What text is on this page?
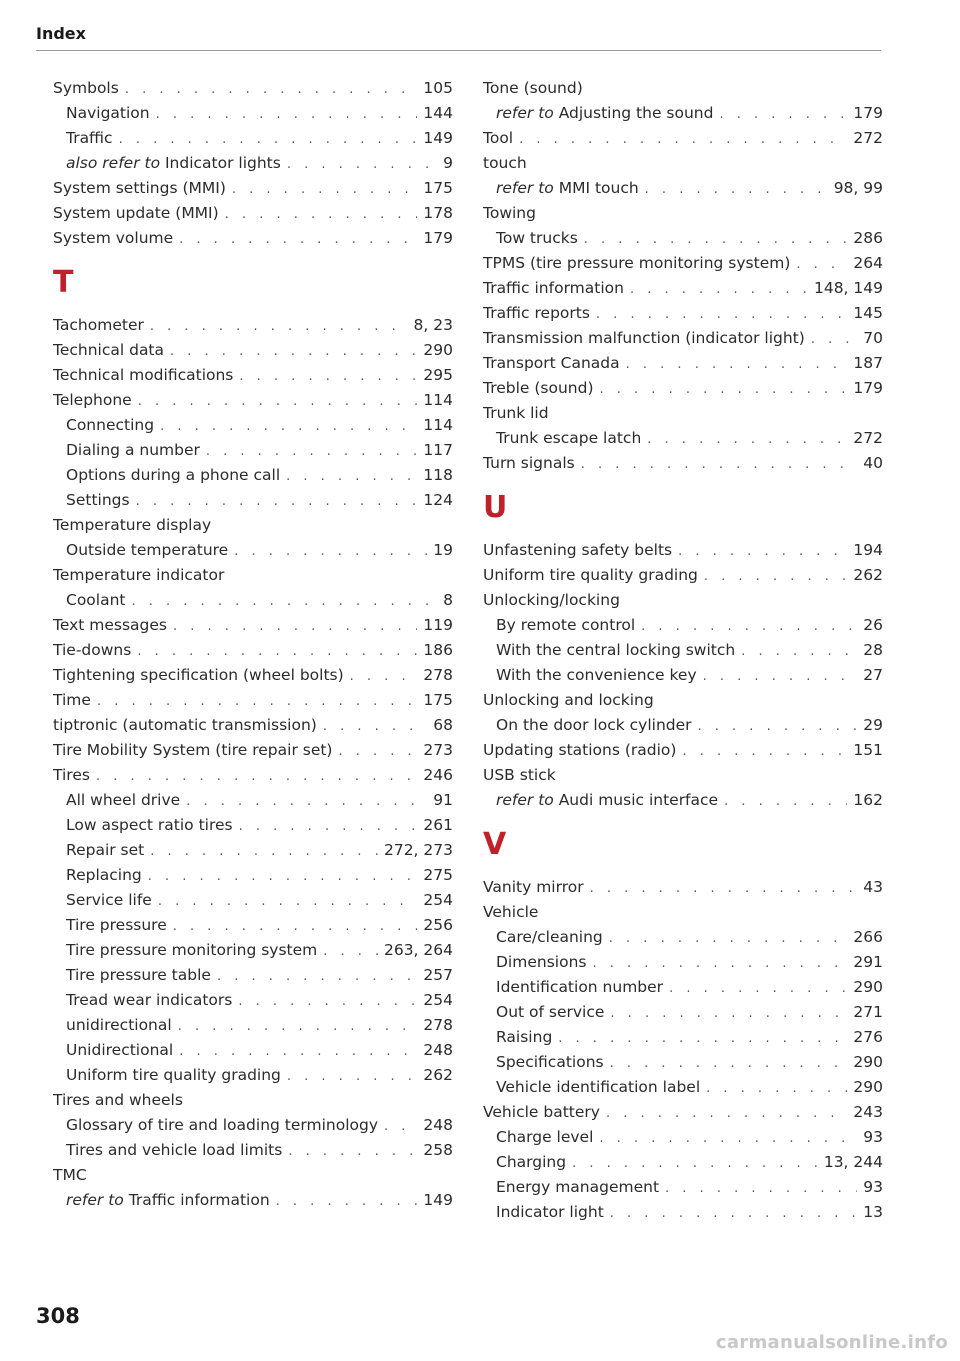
Index
Symbols . . .	105
Navigation . . .	144
Traffic . . .	149
also refer to Indicator lights . . .	9
System settings (MMI) . . .	175
System update (MMI) . . .	178
System volume . . .	179
T
Tachometer . . .	8, 23
Technical data . . .	290
Technical modifications . . .	295
Telephone . . .	114
Connecting . . .	114
Dialing a number . . .	117
Options during a phone call . . .	118
Settings . . .	124
Temperature display
Outside temperature . . .	19
Temperature indicator
Coolant . . .	8
Text messages . . .	119
Tie-downs . . .	186
Tightening specification (wheel bolts) . . .	278
Time . . .	175
tiptronic (automatic transmission) . . .	68
Tire Mobility System (tire repair set) . . .	273
Tires . . .	246
All wheel drive . . .	91
Low aspect ratio tires . . .	261
Repair set . . .	272, 273
Replacing . . .	275
Service life . . .	254
Tire pressure . . .	256
Tire pressure monitoring system . . .	263, 264
Tire pressure table . . .	257
Tread wear indicators . . .	254
unidirectional . . .	278
Unidirectional . . .	248
Uniform tire quality grading . . .	262
Tires and wheels
Glossary of tire and loading terminology . . .	248
Tires and vehicle load limits . . .	258
TMC
refer to Traffic information . . .	149
Tone (sound)
refer to Adjusting the sound . . .	179
Tool . . .	272
touch
refer to MMI touch . . .	98, 99
Towing
Tow trucks . . .	286
TPMS (tire pressure monitoring system) . . .	264
Traffic information . . .	148, 149
Traffic reports . . .	145
Transmission malfunction (indicator light) . . .	70
Transport Canada . . .	187
Treble (sound) . . .	179
Trunk lid
Trunk escape latch . . .	272
Turn signals . . .	40
U
Unfastening safety belts . . .	194
Uniform tire quality grading . . .	262
Unlocking/locking
By remote control . . .	26
With the central locking switch . . .	28
With the convenience key . . .	27
Unlocking and locking
On the door lock cylinder . . .	29
Updating stations (radio) . . .	151
USB stick
refer to Audi music interface . . .	162
V
Vanity mirror . . .	43
Vehicle
Care/cleaning . . .	266
Dimensions . . .	291
Identification number . . .	290
Out of service . . .	271
Raising . . .	276
Specifications . . .	290
Vehicle identification label . . .	290
Vehicle battery . . .	243
Charge level . . .	93
Charging . . .	13, 244
Energy management . . .	93
Indicator light . . .	13
308
carmanualsonline.info
